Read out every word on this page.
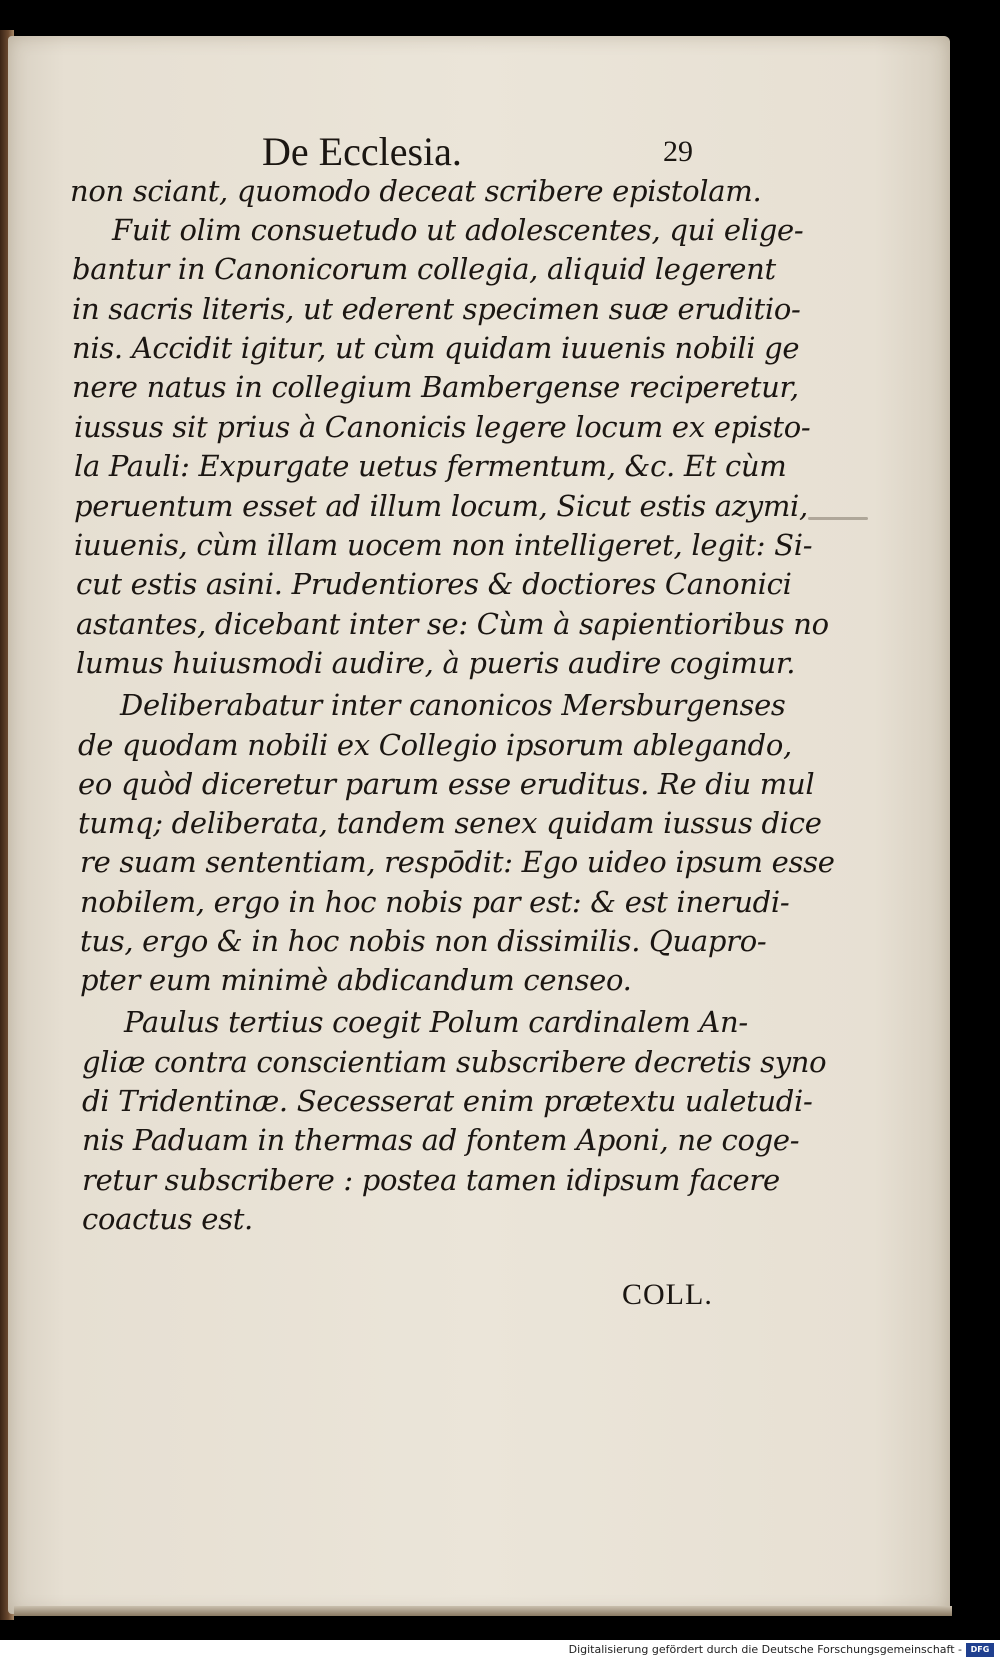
De Ecclesia.	29
non sciant, quomodo deceat scribere epistolam.
Fuit olim consuetudo ut adolescentes, qui elige-
bantur in Canonicorum collegia, aliquid legerent
in sacris literis, ut ederent specimen suæ eruditio-
nis. Accidit igitur, ut cùm quidam iuuenis nobili ge
nere natus in collegium Bambergense reciperetur,
iussus sit prius à Canonicis legere locum ex episto-
la Pauli: Expurgate uetus fermentum, &c. Et cùm
peruentum esset ad illum locum, Sicut estis azymi,
iuuenis, cùm illam uocem non intelligeret, legit: Si-
cut estis asini. Prudentiores & doctiores Canonici
astantes, dicebant inter se: Cùm à sapientioribus no
lumus huiusmodi audire, à pueris audire cogimur.
Deliberabatur inter canonicos Mersburgenses
de quodam nobili ex Collegio ipsorum ablegando,
eo quòd diceretur parum esse eruditus. Re diu mul
tumq; deliberata, tandem senex quidam iussus dice
re suam sententiam, respōdit: Ego uideo ipsum esse
nobilem, ergo in hoc nobis par est: & est inerudi-
tus, ergo & in hoc nobis non dissimilis. Quapro-
pter eum minimè abdicandum censeo.
Paulus tertius coegit Polum cardinalem An-
gliæ contra conscientiam subscribere decretis syno
di Tridentinæ. Secesserat enim prætextu ualetudi-
nis Paduam in thermas ad fontem Aponi, ne coge-
retur subscribere : postea tamen idipsum facere
coactus est.
COLL.
Digitalisierung gefördert durch die Deutsche Forschungsgemeinschaft -	DFG
